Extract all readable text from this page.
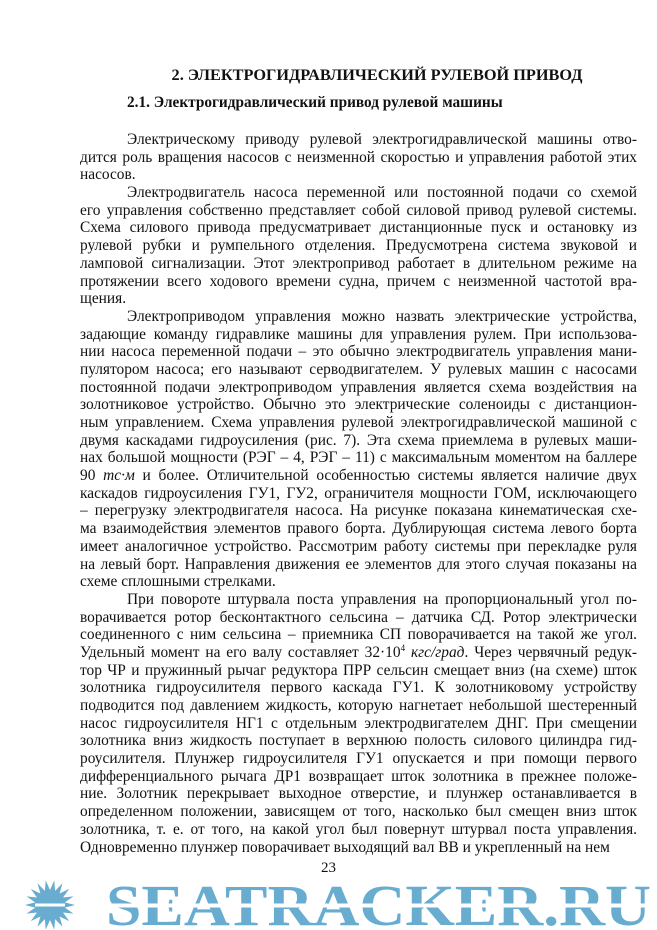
2. ЭЛЕКТРОГИДРАВЛИЧЕСКИЙ РУЛЕВОЙ ПРИВОД
2.1. Электрогидравлический привод рулевой машины
Электрическому приводу рулевой электрогидравлической машины отво-
дится роль вращения насосов с неизменной скоростью и управления работой этих
насосов.
Электродвигатель насоса переменной или постоянной подачи со схемой
его управления собственно представляет собой силовой привод рулевой системы.
Схема силового привода предусматривает дистанционные пуск и остановку из
рулевой рубки и румпельного отделения. Предусмотрена система звуковой и
ламповой сигнализации. Этот электропривод работает в длительном режиме на
протяжении всего ходового времени судна, причем с неизменной частотой вра-
щения.
Электроприводом управления можно назвать электрические устройства,
задающие команду гидравлике машины для управления рулем. При использова-
нии насоса переменной подачи – это обычно электродвигатель управления мани-
пулятором насоса; его называют серводвигателем. У рулевых машин с насосами
постоянной подачи электроприводом управления является схема воздействия на
золотниковое устройство. Обычно это электрические соленоиды с дистанцион-
ным управлением. Схема управления рулевой электрогидравлической машиной с
двумя каскадами гидроусиления (рис. 7). Эта схема приемлема в рулевых маши-
нах большой мощности (РЭГ – 4, РЭГ – 11) с максимальным моментом на баллере
90 тс·м и более. Отличительной особенностью системы является наличие двух
каскадов гидроусиления ГУ1, ГУ2, ограничителя мощности ГОМ, исключающего
– перегрузку электродвигателя насоса. На рисунке показана кинематическая схе-
ма взаимодействия элементов правого борта. Дублирующая система левого борта
имеет аналогичное устройство. Рассмотрим работу системы при перекладке руля
на левый борт. Направления движения ее элементов для этого случая показаны на
схеме сплошными стрелками.
При повороте штурвала поста управления на пропорциональный угол по-
ворачивается ротор бесконтактного сельсина – датчика СД. Ротор электрически
соединенного с ним сельсина – приемника СП поворачивается на такой же угол.
Удельный момент на его валу составляет $32\cdot 10^4$ кгс/град. Через червячный редук-
тор ЧР и пружинный рычаг редуктора ПРР сельсин смещает вниз (на схеме) шток
золотника гидроусилителя первого каскада ГУ1. К золотниковому устройству
подводится под давлением жидкость, которую нагнетает небольшой шестеренный
насос гидроусилителя НГ1 с отдельным электродвигателем ДНГ. При смещении
золотника вниз жидкость поступает в верхнюю полость силового цилиндра гид-
роусилителя. Плунжер гидроусилителя ГУ1 опускается и при помощи первого
дифференциального рычага ДР1 возвращает шток золотника в прежнее положе-
ние. Золотник перекрывает выходное отверстие, и плунжер останавливается в
определенном положении, зависящем от того, насколько был смещен вниз шток
золотника, т. е. от того, на какой угол был повернут штурвал поста управления.
Одновременно плунжер поворачивает выходящий вал ВВ и укрепленный на нем
23
SEATRACKER.RU
